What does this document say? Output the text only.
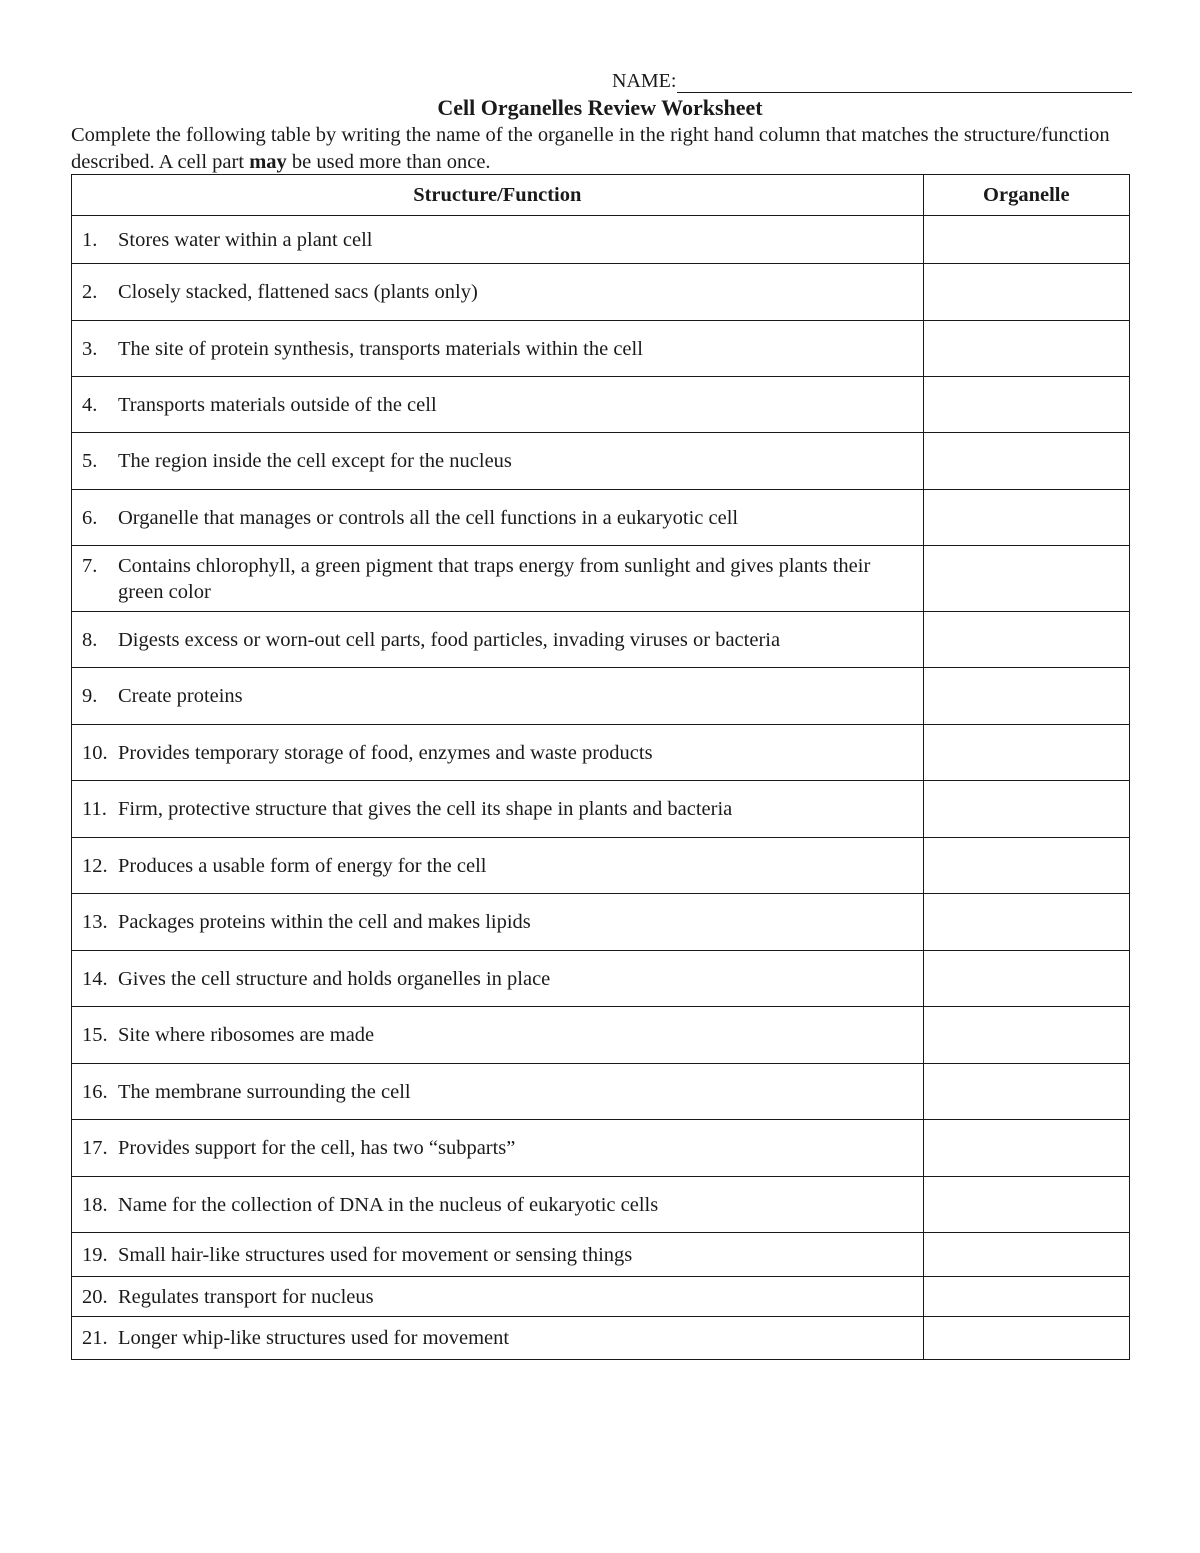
NAME:
Cell Organelles Review Worksheet
Complete the following table by writing the name of the organelle in the right hand column that matches the structure/function described. A cell part may be used more than once.
Structure/Function	Organelle

1. Stores water within a plant cell	

2. Closely stacked, flattened sacs (plants only)	

3. The site of protein synthesis, transports materials within the cell	

4. Transports materials outside of the cell	

5. The region inside the cell except for the nucleus	

6. Organelle that manages or controls all the cell functions in a eukaryotic cell	

7. Contains chlorophyll, a green pigment that traps energy from sunlight and gives plants their green color	

8. Digests excess or worn-out cell parts, food particles, invading viruses or bacteria	

9. Create proteins	

10. Provides temporary storage of food, enzymes and waste products	

11. Firm, protective structure that gives the cell its shape in plants and bacteria	

12. Produces a usable form of energy for the cell	

13. Packages proteins within the cell and makes lipids	

14. Gives the cell structure and holds organelles in place	

15. Site where ribosomes are made	

16. The membrane surrounding the cell	

17. Provides support for the cell, has two “subparts”	

18. Name for the collection of DNA in the nucleus of eukaryotic cells	

19. Small hair-like structures used for movement or sensing things	

20. Regulates transport for nucleus	

21. Longer whip-like structures used for movement	
